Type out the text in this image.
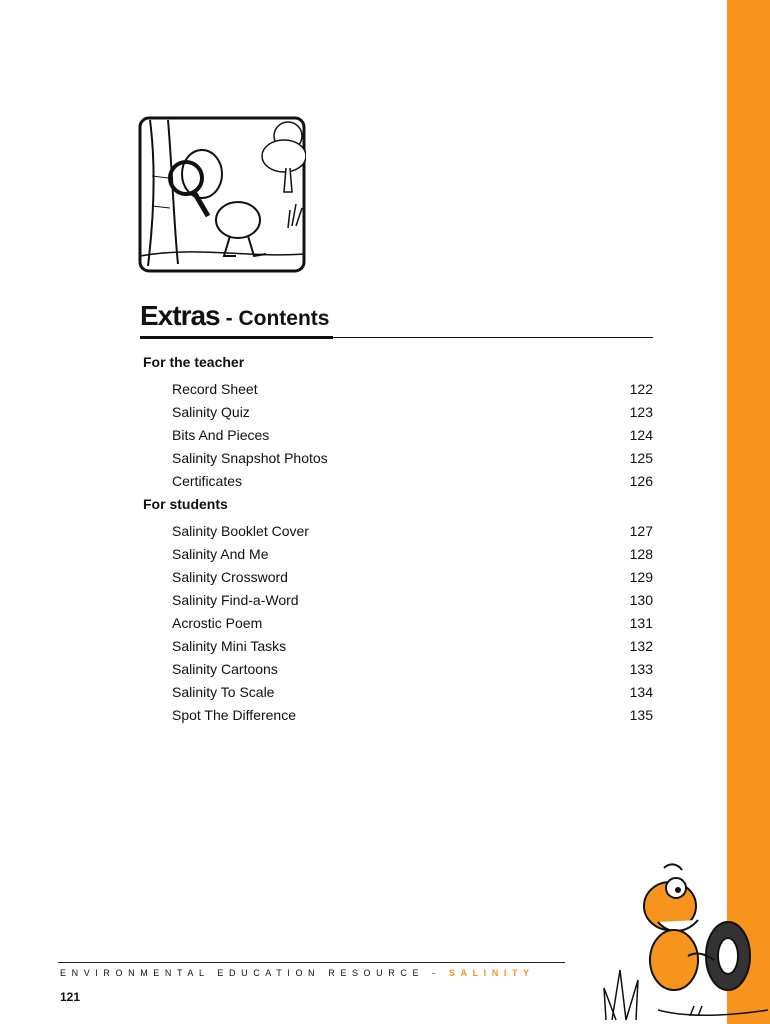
Extras - Contents
For the teacher
Record Sheet	122
Salinity Quiz	123
Bits And Pieces	124
Salinity Snapshot Photos	125
Certificates	126
For students
Salinity Booklet Cover	127
Salinity And Me	128
Salinity Crossword	129
Salinity Find-a-Word	130
Acrostic Poem	131
Salinity Mini Tasks	132
Salinity Cartoons	133
Salinity To Scale	134
Spot The Difference	135
ENVIRONMENTAL EDUCATION RESOURCE - SALINITY
121
